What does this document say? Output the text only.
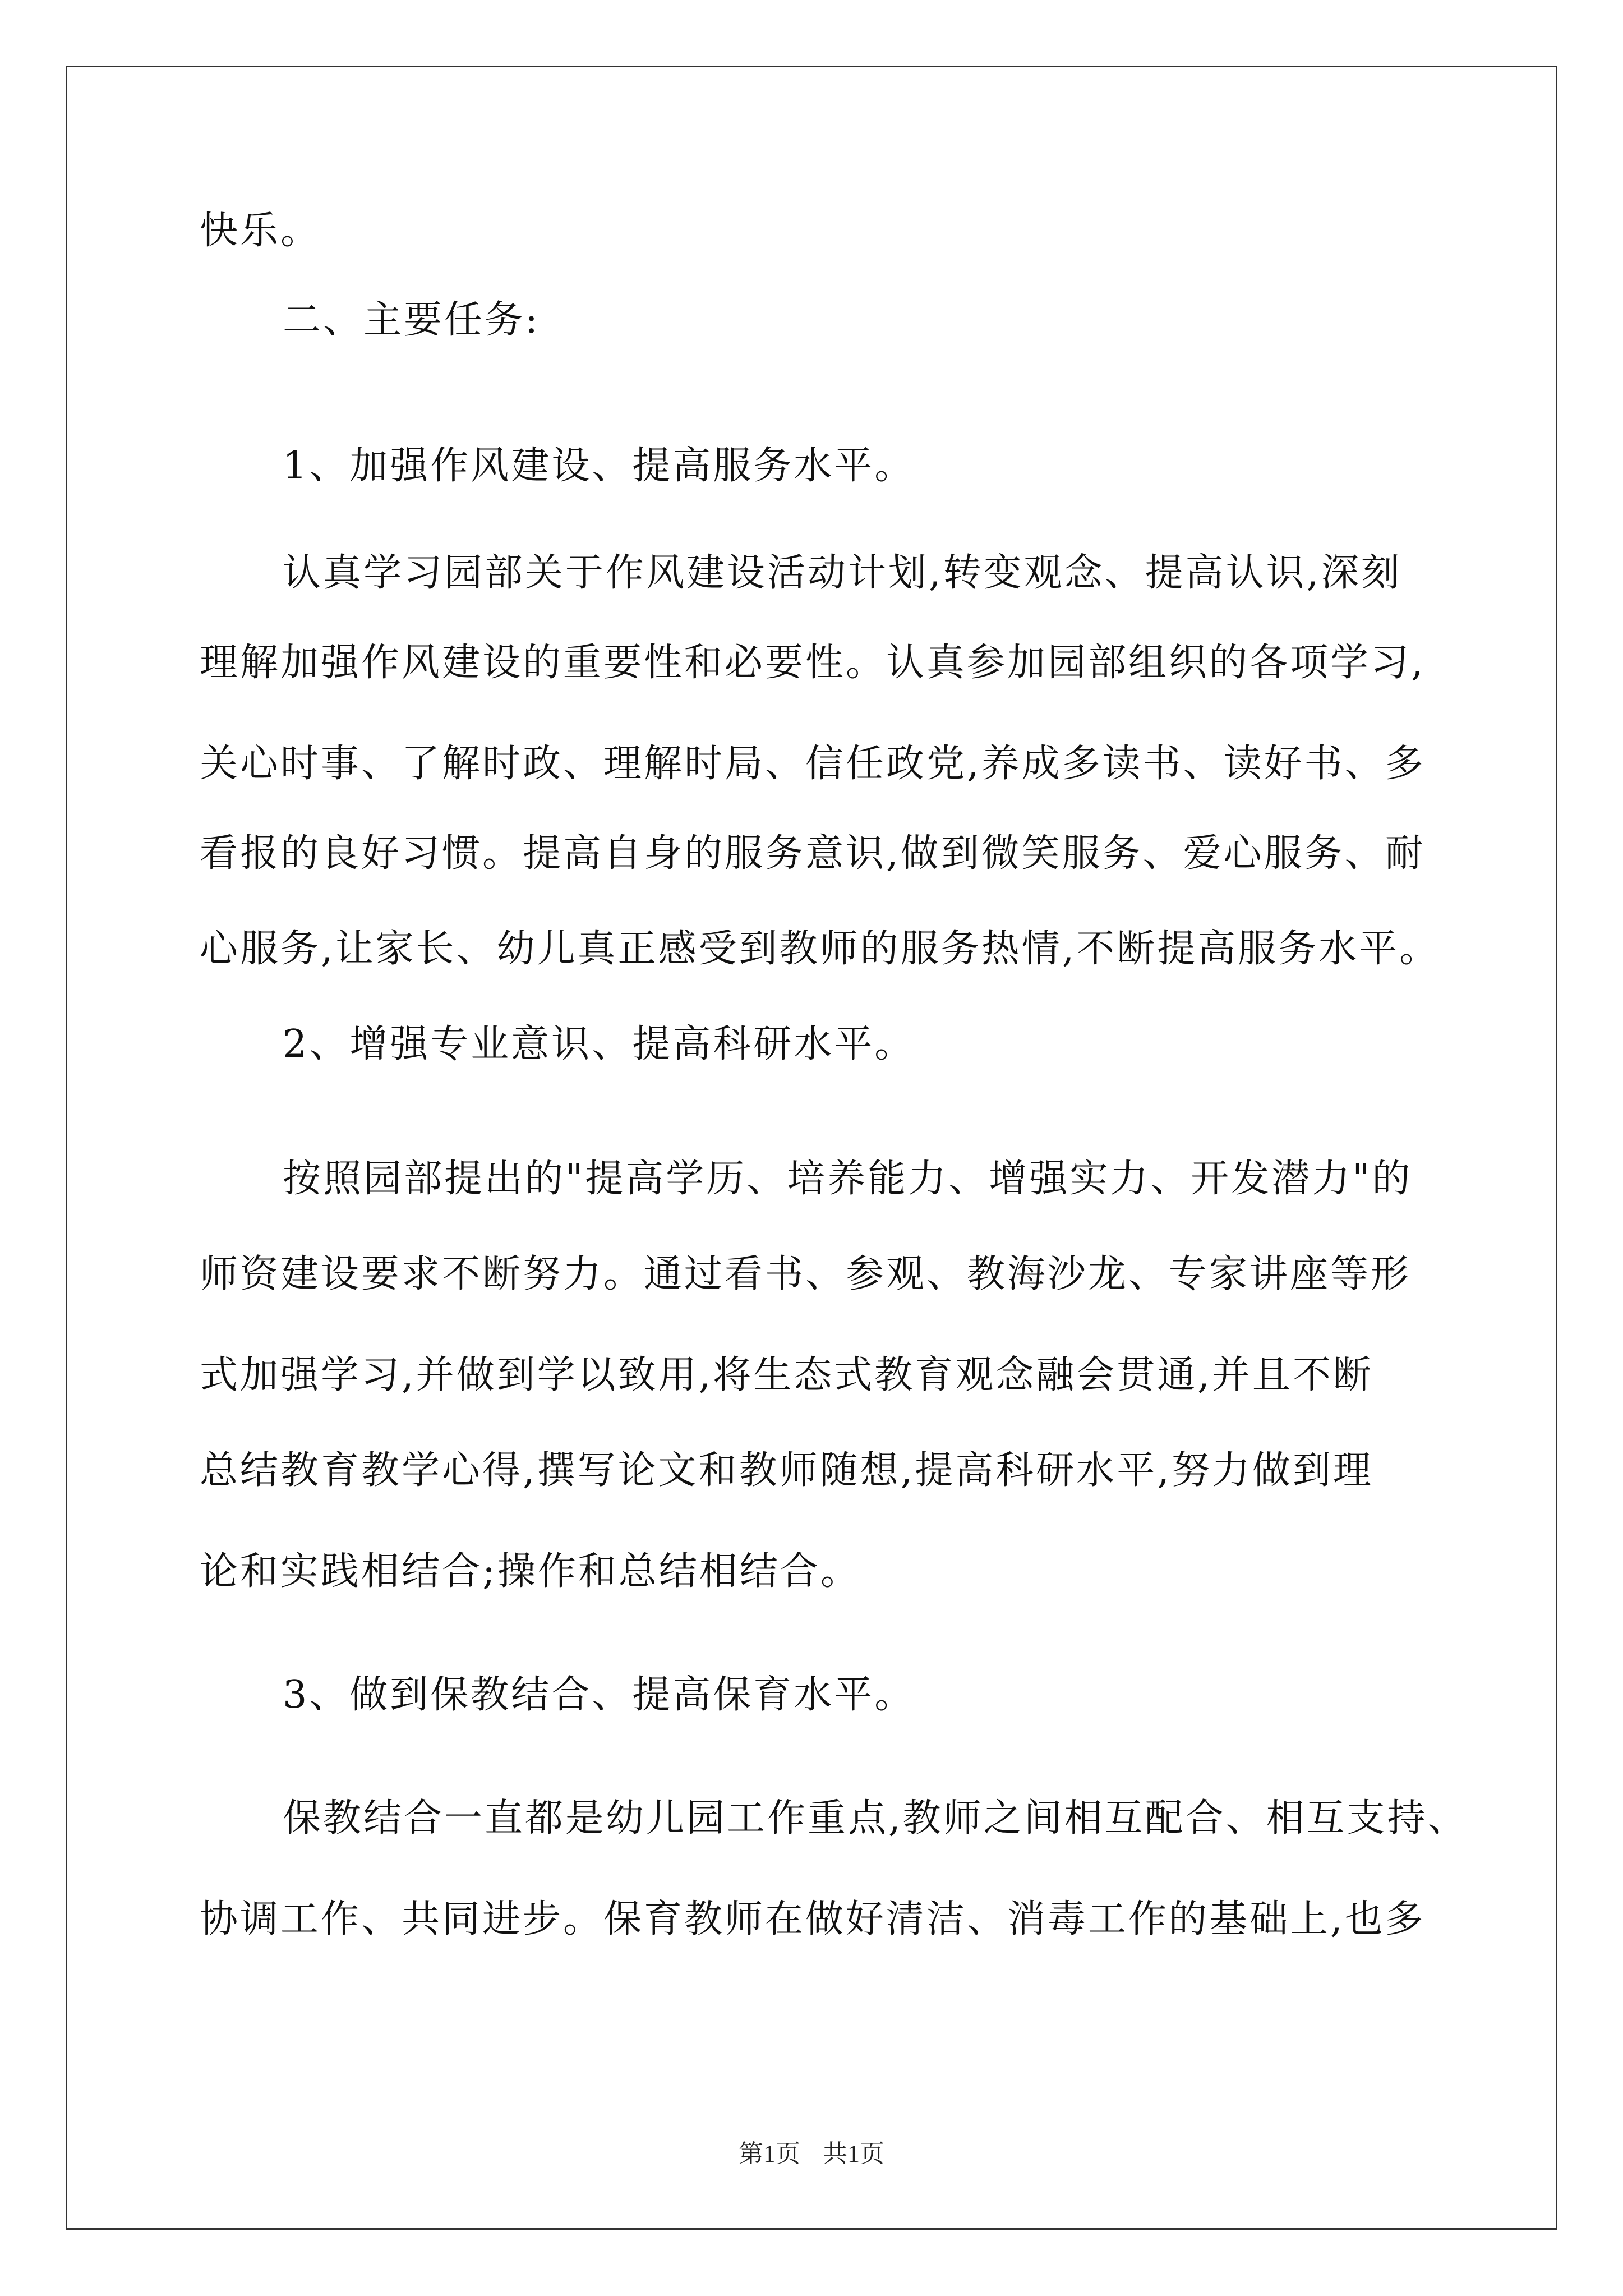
快乐。
二、主要任务:
1、加强作风建设、提高服务水平。
认真学习园部关于作风建设活动计划,转变观念、提高认识,深刻
理解加强作风建设的重要性和必要性。认真参加园部组织的各项学习,
关心时事、了解时政、理解时局、信任政党,养成多读书、读好书、多
看报的良好习惯。提高自身的服务意识,做到微笑服务、爱心服务、耐
心服务,让家长、幼儿真正感受到教师的服务热情,不断提高服务水平。
2、增强专业意识、提高科研水平。
按照园部提出的"提高学历、培养能力、增强实力、开发潜力"的
师资建设要求不断努力。通过看书、参观、教海沙龙、专家讲座等形
式加强学习,并做到学以致用,将生态式教育观念融会贯通,并且不断
总结教育教学心得,撰写论文和教师随想,提高科研水平,努力做到理
论和实践相结合;操作和总结相结合。
3、做到保教结合、提高保育水平。
保教结合一直都是幼儿园工作重点,教师之间相互配合、相互支持、
协调工作、共同进步。保育教师在做好清洁、消毒工作的基础上,也多
第1页 共1页
